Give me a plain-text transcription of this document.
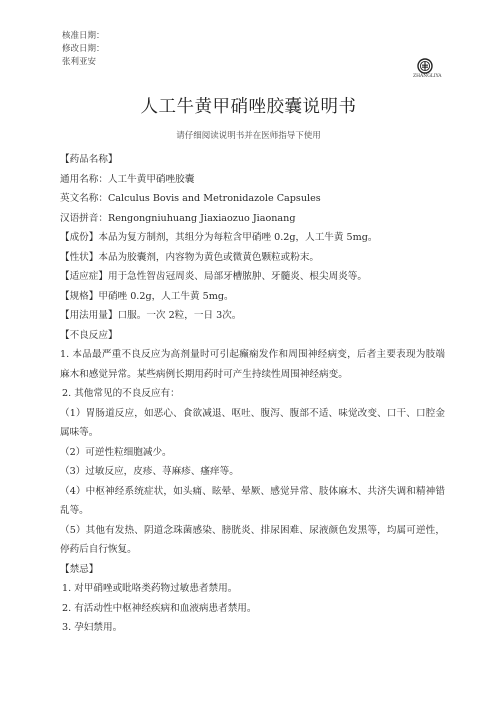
核准日期：
修改日期：
张利亚安
ZHANGLIYA
人工牛黄甲硝唑胶囊说明书
请仔细阅读说明书并在医师指导下使用
【药品名称】
通用名称：人工牛黄甲硝唑胶囊
英文名称：Calculus Bovis and Metronidazole Capsules
汉语拼音：Rengongniuhuang Jiaxiaozuo Jiaonang
【成份】本品为复方制剂，其组分为每粒含甲硝唑 0.2g，人工牛黄 5mg。
【性状】本品为胶囊剂，内容物为黄色或微黄色颗粒或粉末。
【适应症】用于急性智齿冠周炎、局部牙槽脓肿、牙髓炎、根尖周炎等。
【规格】甲硝唑 0.2g，人工牛黄 5mg。
【用法用量】口服。一次 2粒，一日 3次。
【不良反应】

1. 本品最严重不良反应为高剂量时可引起癫痫发作和周围神经病变，后者主要表现为肢端麻木和感觉异常。某些病例长期用药时可产生持续性周围神经病变。

2. 其他常见的不良反应有：

（1）胃肠道反应，如恶心、食欲减退、呕吐、腹泻、腹部不适、味觉改变、口干、口腔金属味等。

（2）可逆性粒细胞减少。
（3）过敏反应，皮疹、荨麻疹、瘙痒等。

（4）中枢神经系统症状，如头痛、眩晕、晕厥、感觉异常、肢体麻木、共济失调和精神错乱等。

（5）其他有发热、阴道念珠菌感染、膀胱炎、排尿困难、尿液颜色发黑等，均属可逆性，停药后自行恢复。

【禁忌】
1. 对甲硝唑或吡咯类药物过敏患者禁用。
2. 有活动性中枢神经疾病和血液病患者禁用。
3. 孕妇禁用。
